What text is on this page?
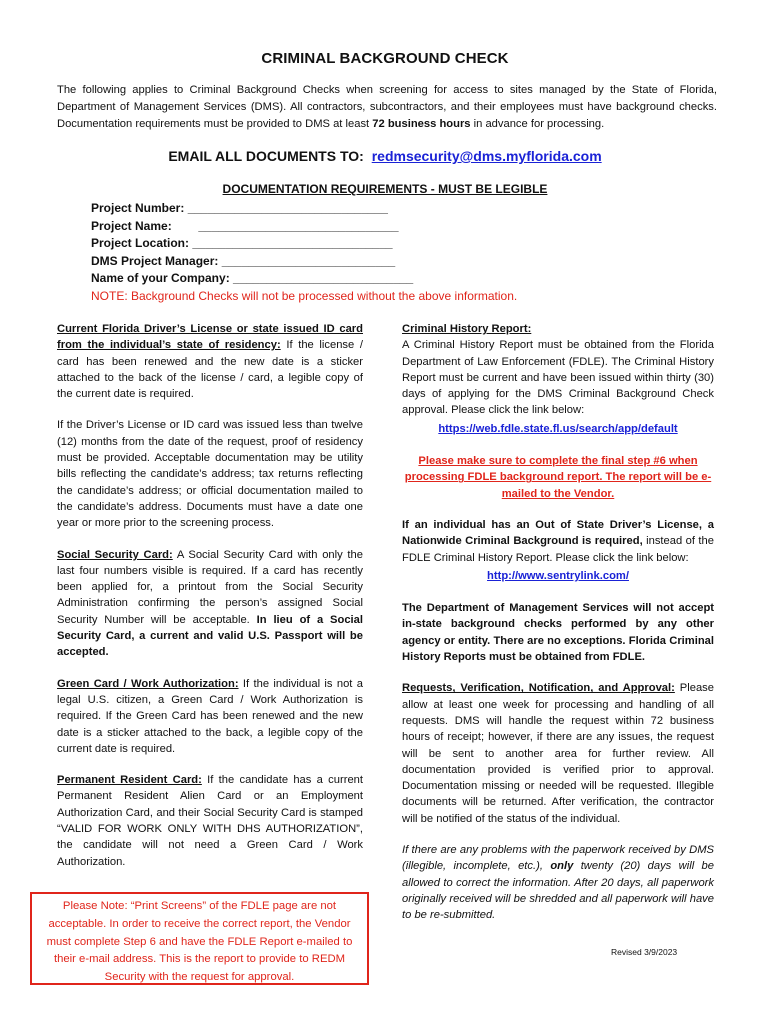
CRIMINAL BACKGROUND CHECK
The following applies to Criminal Background Checks when screening for access to sites managed by the State of Florida, Department of Management Services (DMS). All contractors, subcontractors, and their employees must have background checks. Documentation requirements must be provided to DMS at least 72 business hours in advance for processing.
EMAIL ALL DOCUMENTS TO: redmsecurity@dms.myflorida.com
DOCUMENTATION REQUIREMENTS - MUST BE LEGIBLE
Project Number: ______________________________
Project Name: ______________________________
Project Location: ______________________________
DMS Project Manager: __________________________
Name of your Company: ___________________________
NOTE: Background Checks will not be processed without the above information.

Current Florida Driver’s License or state issued ID card from the individual’s state of residency: If the license / card has been renewed and the new date is a sticker attached to the back of the license / card, a legible copy of the current date is required.

If the Driver’s License or ID card was issued less than twelve (12) months from the date of the request, proof of residency must be provided. Acceptable documentation may be utility bills reflecting the candidate’s address; tax returns reflecting the candidate’s address; or official documentation mailed to the candidate’s address. Documents must have a date one year or more prior to the screening process.

Social Security Card: A Social Security Card with only the last four numbers visible is required. If a card has recently been applied for, a printout from the Social Security Administration confirming the person’s assigned Social Security Number will be acceptable. In lieu of a Social Security Card, a current and valid U.S. Passport will be accepted.

Green Card / Work Authorization: If the individual is not a legal U.S. citizen, a Green Card / Work Authorization is required. If the Green Card has been renewed and the new date is a sticker attached to the back, a legible copy of the current date is required.

Permanent Resident Card: If the candidate has a current Permanent Resident Alien Card or an Employment Authorization Card, and their Social Security Card is stamped “VALID FOR WORK ONLY WITH DHS AUTHORIZATION”, the candidate will not need a Green Card / Work Authorization.

Criminal History Report:
A Criminal History Report must be obtained from the Florida Department of Law Enforcement (FDLE). The Criminal History Report must be current and have been issued within thirty (30) days of applying for the DMS Criminal Background Check approval. Please click the link below:

https://web.fdle.state.fl.us/search/app/default

Please make sure to complete the final step #6 when processing FDLE background report. The report will be e-mailed to the Vendor.

If an individual has an Out of State Driver’s License, a Nationwide Criminal Background is required, instead of the FDLE Criminal History Report. Please click the link below:

http://www.sentrylink.com/

The Department of Management Services will not accept in-state background checks performed by any other agency or entity. There are no exceptions. Florida Criminal History Reports must be obtained from FDLE.

Requests, Verification, Notification, and Approval: Please allow at least one week for processing and handling of all requests. DMS will handle the request within 72 business hours of receipt; however, if there are any issues, the request will be sent to another area for further review. All documentation provided is verified prior to approval. Documentation missing or needed will be requested. Illegible documents will be returned. After verification, the contractor will be notified of the status of the individual.

If there are any problems with the paperwork received by DMS (illegible, incomplete, etc.), only twenty (20) days will be allowed to correct the information. After 20 days, all paperwork originally received will be shredded and all paperwork will have to be re-submitted.

Please Note: “Print Screens” of the FDLE page are not acceptable. In order to receive the correct report, the Vendor must complete Step 6 and have the FDLE Report e-mailed to their e-mail address. This is the report to provide to REDM Security with the request for approval.
Revised 3/9/2023
